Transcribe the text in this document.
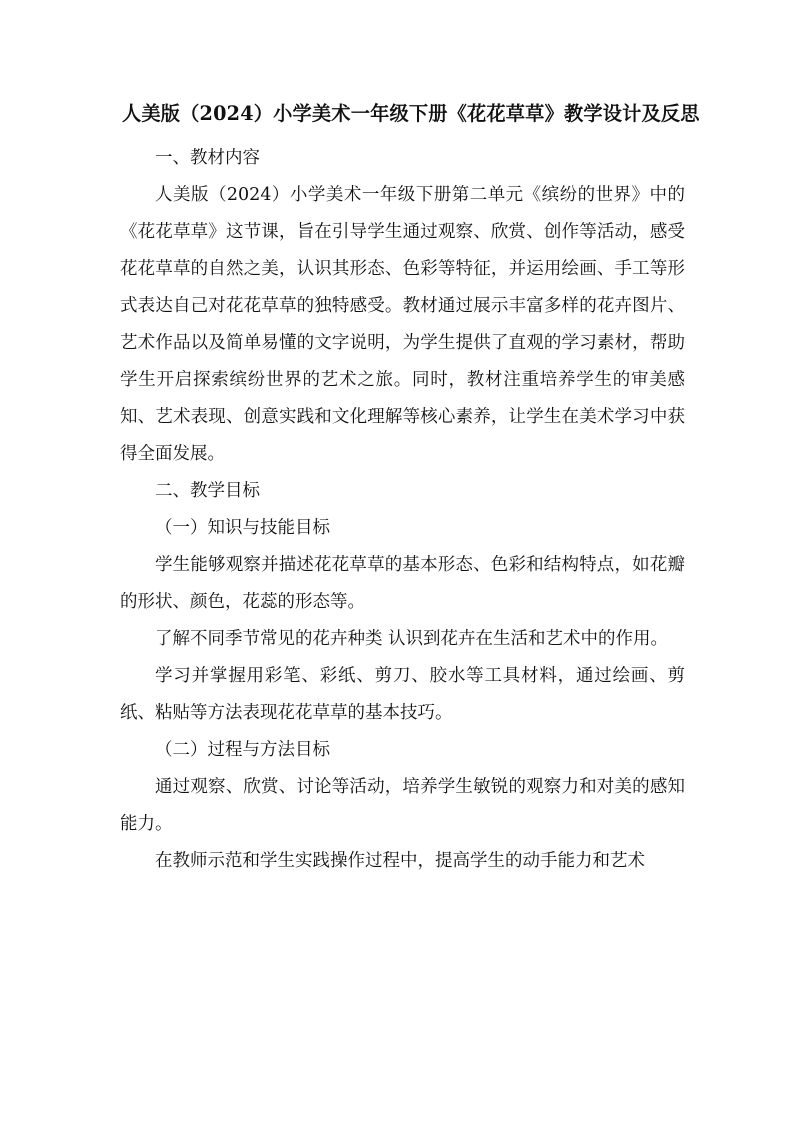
人美版（2024）小学美术一年级下册《花花草草》教学设计及反思

一、教材内容

人美版（2024）小学美术一年级下册第二单元《缤纷的世界》中的《花花草草》这节课，旨在引导学生通过观察、欣赏、创作等活动，感受花花草草的自然之美，认识其形态、色彩等特征，并运用绘画、手工等形式表达自己对花花草草的独特感受。教材通过展示丰富多样的花卉图片、艺术作品以及简单易懂的文字说明，为学生提供了直观的学习素材，帮助学生开启探索缤纷世界的艺术之旅。同时，教材注重培养学生的审美感知、艺术表现、创意实践和文化理解等核心素养，让学生在美术学习中获得全面发展。

二、教学目标

（一）知识与技能目标

学生能够观察并描述花花草草的基本形态、色彩和结构特点，如花瓣的形状、颜色，花蕊的形态等。

了解不同季节常见的花卉种类 认识到花卉在生活和艺术中的作用。

学习并掌握用彩笔、彩纸、剪刀、胶水等工具材料，通过绘画、剪纸、粘贴等方法表现花花草草的基本技巧。

（二）过程与方法目标

通过观察、欣赏、讨论等活动，培养学生敏锐的观察力和对美的感知能力。

在教师示范和学生实践操作过程中，提高学生的动手能力和艺术
